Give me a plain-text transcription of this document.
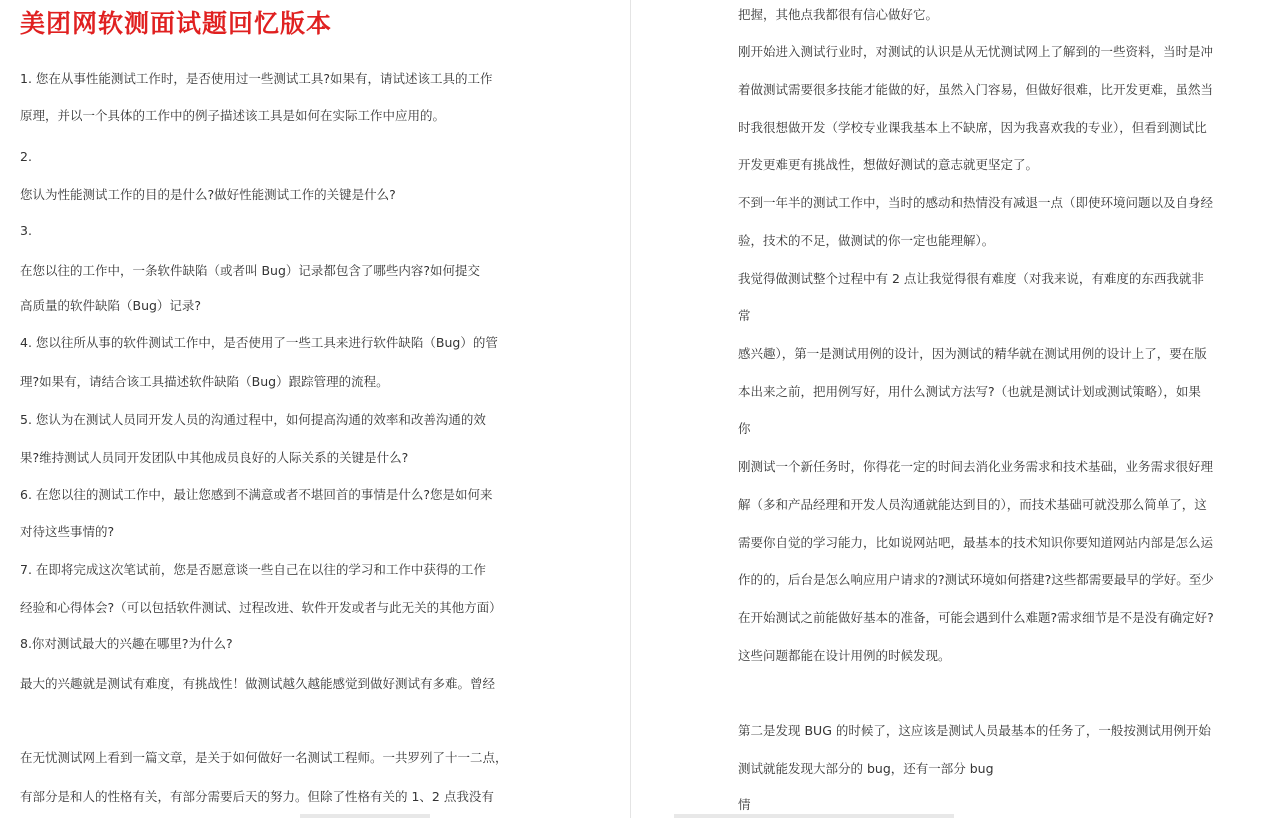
美团网软测面试题回忆版本
1. 您在从事性能测试工作时，是否使用过一些测试工具?如果有，请试述该工具的工作
原理，并以一个具体的工作中的例子描述该工具是如何在实际工作中应用的。
2.
您认为性能测试工作的目的是什么?做好性能测试工作的关键是什么?
3.
在您以往的工作中，一条软件缺陷（或者叫 Bug）记录都包含了哪些内容?如何提交
高质量的软件缺陷（Bug）记录?
4. 您以往所从事的软件测试工作中，是否使用了一些工具来进行软件缺陷（Bug）的管
理?如果有，请结合该工具描述软件缺陷（Bug）跟踪管理的流程。
5. 您认为在测试人员同开发人员的沟通过程中，如何提高沟通的效率和改善沟通的效
果?维持测试人员同开发团队中其他成员良好的人际关系的关键是什么?
6. 在您以往的测试工作中，最让您感到不满意或者不堪回首的事情是什么?您是如何来
对待这些事情的?
7. 在即将完成这次笔试前，您是否愿意谈一些自己在以往的学习和工作中获得的工作
经验和心得体会?（可以包括软件测试、过程改进、软件开发或者与此无关的其他方面）
8.你对测试最大的兴趣在哪里?为什么?
最大的兴趣就是测试有难度，有挑战性！做测试越久越能感觉到做好测试有多难。曾经
在无忧测试网上看到一篇文章，是关于如何做好一名测试工程师。一共罗列了十一二点，
有部分是和人的性格有关，有部分需要后天的努力。但除了性格有关的 1、2 点我没有
把握，其他点我都很有信心做好它。
刚开始进入测试行业时，对测试的认识是从无忧测试网上了解到的一些资料，当时是冲
着做测试需要很多技能才能做的好，虽然入门容易，但做好很难，比开发更难，虽然当
时我很想做开发（学校专业课我基本上不缺席，因为我喜欢我的专业），但看到测试比
开发更难更有挑战性，想做好测试的意志就更坚定了。
不到一年半的测试工作中，当时的感动和热情没有减退一点（即使环境问题以及自身经
验，技术的不足，做测试的你一定也能理解）。
我觉得做测试整个过程中有 2 点让我觉得很有难度（对我来说，有难度的东西我就非
常
感兴趣），第一是测试用例的设计，因为测试的精华就在测试用例的设计上了，要在版
本出来之前，把用例写好，用什么测试方法写?（也就是测试计划或测试策略），如果
你
刚测试一个新任务时，你得花一定的时间去消化业务需求和技术基础，业务需求很好理
解（多和产品经理和开发人员沟通就能达到目的），而技术基础可就没那么简单了，这
需要你自觉的学习能力，比如说网站吧，最基本的技术知识你要知道网站内部是怎么运
作的的，后台是怎么响应用户请求的?测试环境如何搭建?这些都需要最早的学好。至少
在开始测试之前能做好基本的准备，可能会遇到什么难题?需求细节是不是没有确定好?
这些问题都能在设计用例的时候发现。
第二是发现 BUG 的时候了，这应该是测试人员最基本的任务了，一般按测试用例开始
测试就能发现大部分的 bug，还有一部分 bug
情
